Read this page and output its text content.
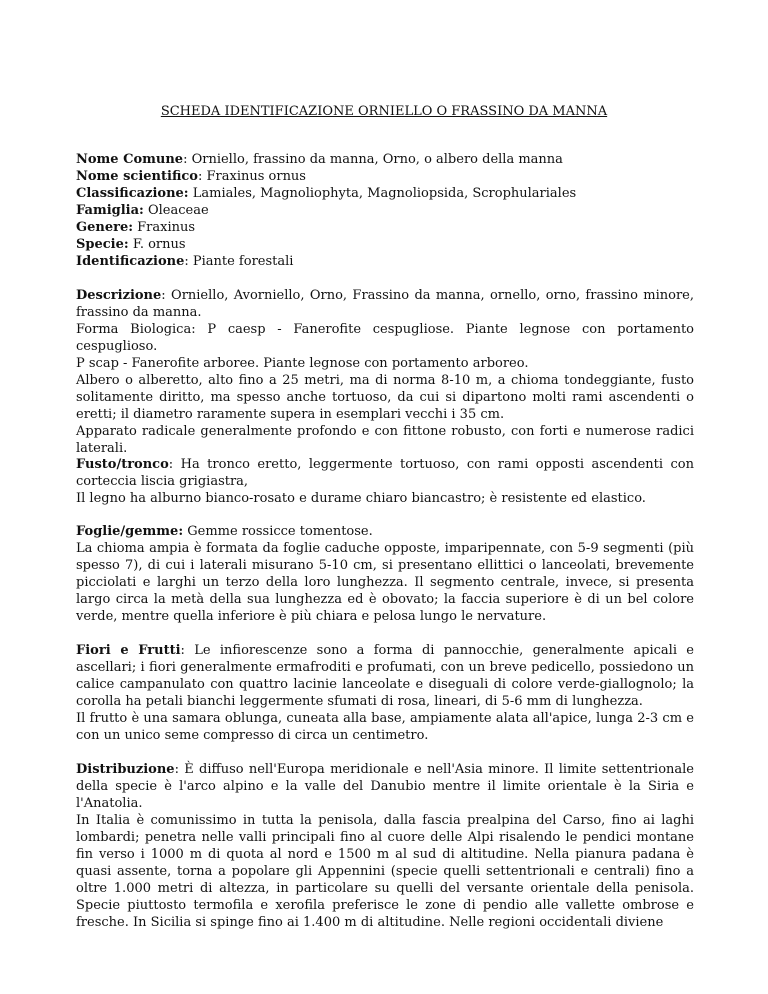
SCHEDA IDENTIFICAZIONE ORNIELLO O FRASSINO DA MANNA

Nome Comune: Orniello, frassino da manna, Orno, o albero della manna

Nome scientifico: Fraxinus ornus

Classificazione: Lamiales, Magnoliophyta, Magnoliopsida, Scrophulariales

Famiglia: Oleaceae

Genere: Fraxinus

Specie: F. ornus

Identificazione: Piante forestali

Descrizione: Orniello, Avorniello, Orno, Frassino da manna, ornello, orno, frassino minore, frassino da manna.

Forma Biologica: P caesp - Fanerofite cespugliose. Piante legnose con portamento cespuglioso.

P scap - Fanerofite arboree. Piante legnose con portamento arboreo.

Albero o alberetto, alto fino a 25 metri, ma di norma 8-10 m, a chioma tondeggiante, fusto solitamente diritto, ma spesso anche tortuoso, da cui si dipartono molti rami ascendenti o eretti; il diametro raramente supera in esemplari vecchi i 35 cm.

Apparato radicale generalmente profondo e con fittone robusto, con forti e numerose radici laterali.

Fusto/tronco: Ha tronco eretto, leggermente tortuoso, con rami opposti ascendenti con corteccia liscia grigiastra,

Il legno ha alburno bianco-rosato e durame chiaro biancastro; è resistente ed elastico.

Foglie/gemme: Gemme rossicce tomentose.

La chioma ampia è formata da foglie caduche opposte, imparipennate, con 5-9 segmenti (più spesso 7), di cui i laterali misurano 5-10 cm, si presentano ellittici o lanceolati, brevemente picciolati e larghi un terzo della loro lunghezza. Il segmento centrale, invece, si presenta largo circa la metà della sua lunghezza ed è obovato; la faccia superiore è di un bel colore verde, mentre quella inferiore è più chiara e pelosa lungo le nervature.

Fiori e Frutti: Le infiorescenze sono a forma di pannocchie, generalmente apicali e ascellari; i fiori generalmente ermafroditi e profumati, con un breve pedicello, possiedono un calice campanulato con quattro lacinie lanceolate e diseguali di colore verde-giallognolo; la corolla ha petali bianchi leggermente sfumati di rosa, lineari, di 5-6 mm di lunghezza.

Il frutto è una samara oblunga, cuneata alla base, ampiamente alata all'apice, lunga 2-3 cm e con un unico seme compresso di circa un centimetro.

Distribuzione: È diffuso nell'Europa meridionale e nell'Asia minore. Il limite settentrionale della specie è l'arco alpino e la valle del Danubio mentre il limite orientale è la Siria e l'Anatolia.

In Italia è comunissimo in tutta la penisola, dalla fascia prealpina del Carso, fino ai laghi lombardi; penetra nelle valli principali fino al cuore delle Alpi risalendo le pendici montane fin verso i 1000 m di quota al nord e 1500 m al sud di altitudine. Nella pianura padana è quasi assente, torna a popolare gli Appennini (specie quelli settentrionali e centrali) fino a oltre 1.000 metri di altezza, in particolare su quelli del versante orientale della penisola. Specie piuttosto termofila e xerofila preferisce le zone di pendio alle vallette ombrose e fresche. In Sicilia si spinge fino ai 1.400 m di altitudine. Nelle regioni occidentali diviene
